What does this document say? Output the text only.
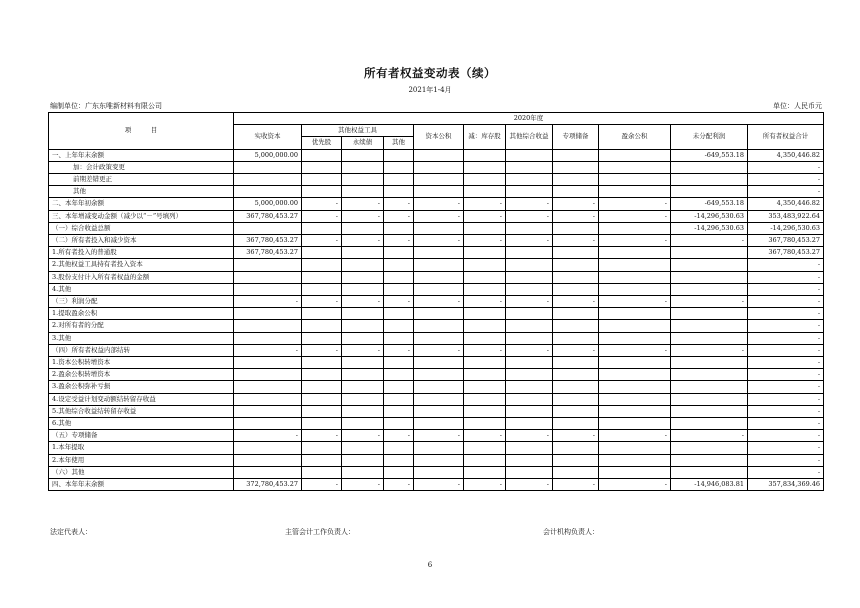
所有者权益变动表（续）
2021年1-4月
编制单位：广东东唯新材料有限公司	单位：人民币元
项　　　目	2020年度										
	实收资本	其他权益工具			资本公积	减：库存股	其他综合收益	专项储备	盈余公积	未分配利润	所有者权益合计
		优先股	永续债	其他							
一、上年年末余额	5,000,000.00									-649,553.18	4,350,446.82
加：会计政策变更											-
前期差错更正											-
其他											-
二、本年年初余额	5,000,000.00	-	-	-	-	-	-	-	-	-649,553.18	4,350,446.82
三、本年增减变动金额（减少以“－”号填列）	367,780,453.27	-	-	-	-	-	-	-	-	-14,296,530.63	353,483,922.64
（一）综合收益总额										-14,296,530.63	-14,296,530.63
（二）所有者投入和减少资本	367,780,453.27	-	-	-	-	-	-	-	-	-	367,780,453.27
1.所有者投入的普通股	367,780,453.27										367,780,453.27
2.其他权益工具持有者投入资本											-
3.股份支付计入所有者权益的金额											-
4.其他											-
（三）利润分配	-	-	-	-	-	-	-	-	-	-	-
1.提取盈余公积											-
2.对所有者的分配											-
3.其他											-
（四）所有者权益内部结转	-	-	-	-	-	-	-	-	-	-	-
1.资本公积转增资本											-
2.盈余公积转增资本											-
3.盈余公积弥补亏损											-
4.设定受益计划变动额结转留存收益											-
5.其他综合收益结转留存收益											-
6.其他											-
（五）专项储备	-	-	-	-	-	-	-	-	-	-	-
1.本年提取											-
2.本年使用											-
（六）其他											-
四、本年年末余额	372,780,453.27	-	-	-	-	-	-	-	-	-14,946,083.81	357,834,369.46
法定代表人：	主管会计工作负责人：	会计机构负责人：
6
